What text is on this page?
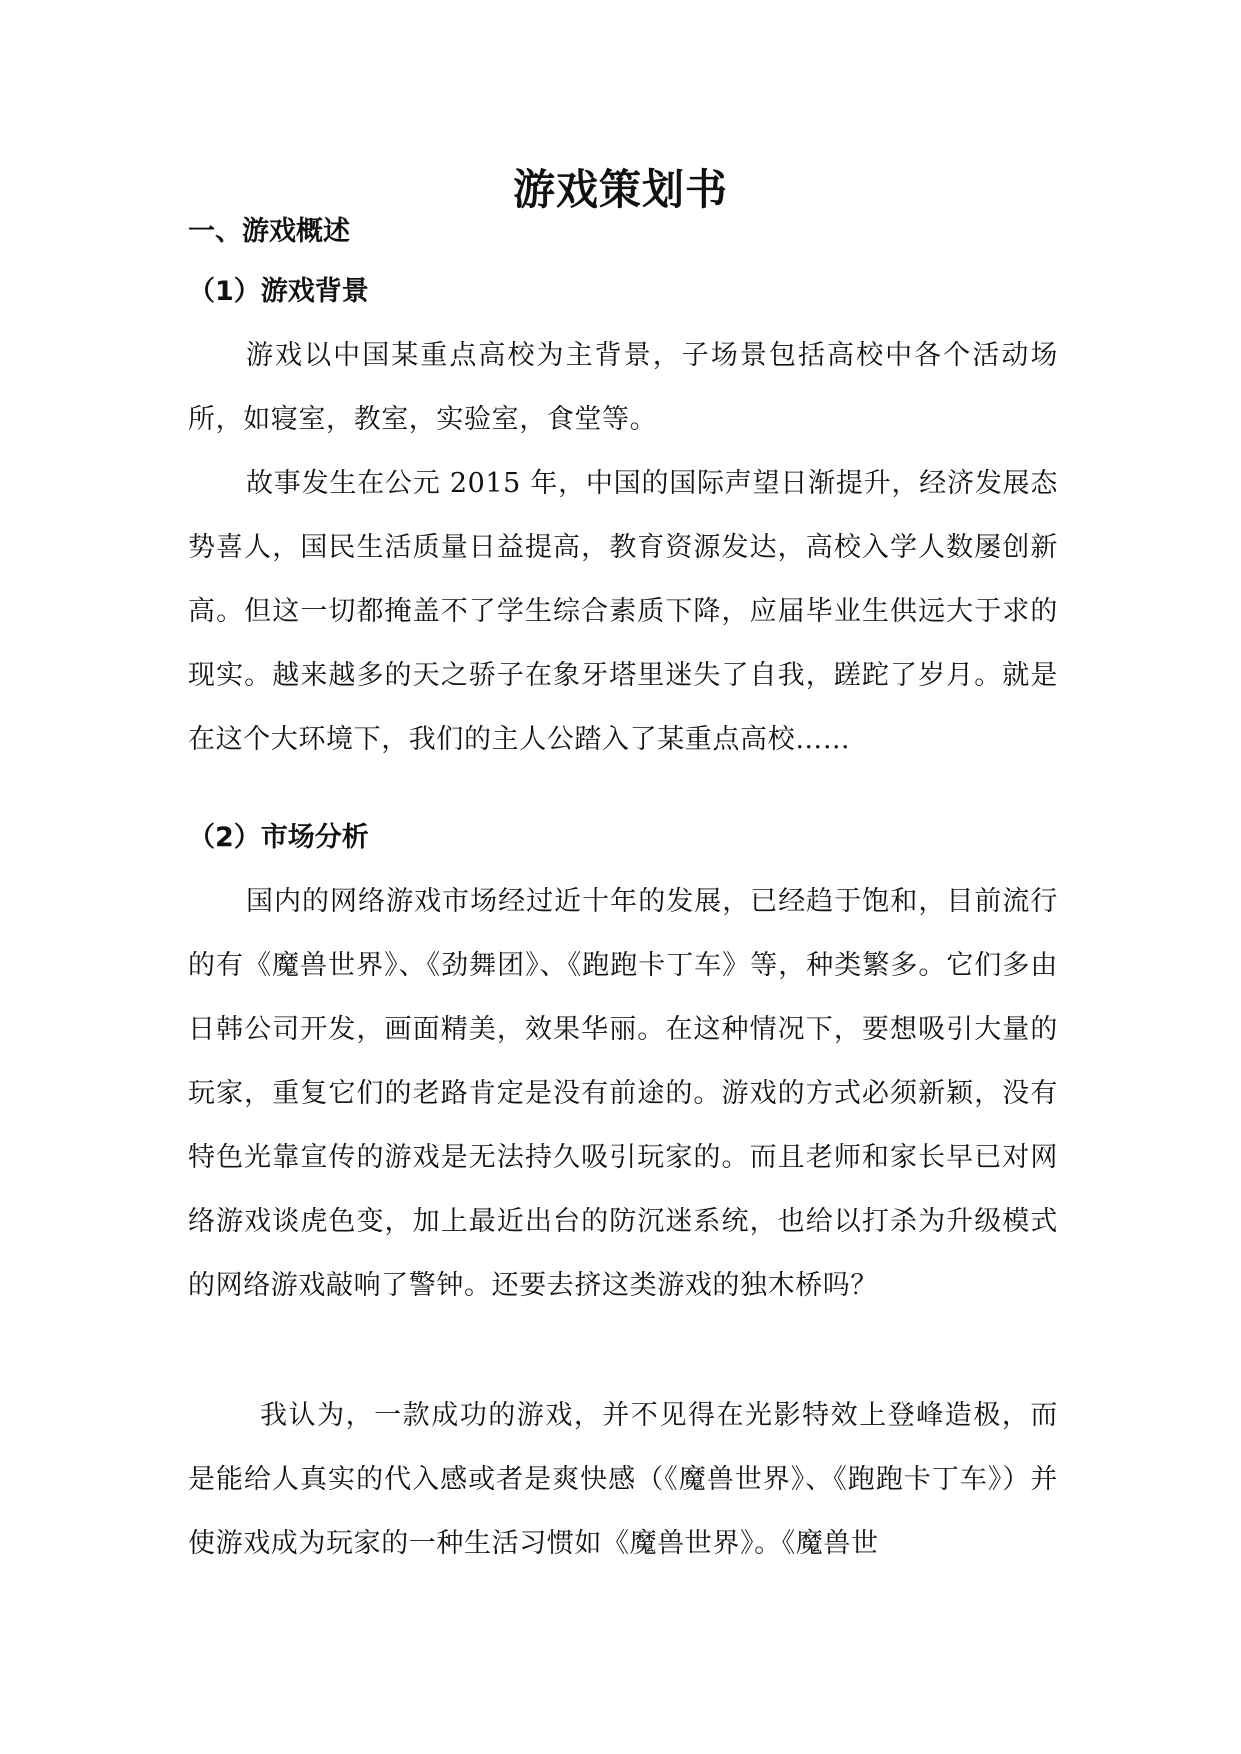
游戏策划书
一、游戏概述
（1）游戏背景

游戏以中国某重点高校为主背景，子场景包括高校中各个活动场所，如寝室，教室，实验室，食堂等。

故事发生在公元 2015 年，中国的国际声望日渐提升，经济发展态势喜人，国民生活质量日益提高，教育资源发达，高校入学人数屡创新高。但这一切都掩盖不了学生综合素质下降，应届毕业生供远大于求的现实。越来越多的天之骄子在象牙塔里迷失了自我，蹉跎了岁月。就是在这个大环境下，我们的主人公踏入了某重点高校……

（2）市场分析

国内的网络游戏市场经过近十年的发展，已经趋于饱和，目前流行的有《魔兽世界》、《劲舞团》、《跑跑卡丁车》等，种类繁多。它们多由日韩公司开发，画面精美，效果华丽。在这种情况下，要想吸引大量的玩家，重复它们的老路肯定是没有前途的。游戏的方式必须新颖，没有特色光靠宣传的游戏是无法持久吸引玩家的。而且老师和家长早已对网络游戏谈虎色变，加上最近出台的防沉迷系统，也给以打杀为升级模式的网络游戏敲响了警钟。还要去挤这类游戏的独木桥吗？

我认为，一款成功的游戏，并不见得在光影特效上登峰造极，而是能给人真实的代入感或者是爽快感（《魔兽世界》、《跑跑卡丁车》）并使游戏成为玩家的一种生活习惯如《魔兽世界》。《魔兽世
